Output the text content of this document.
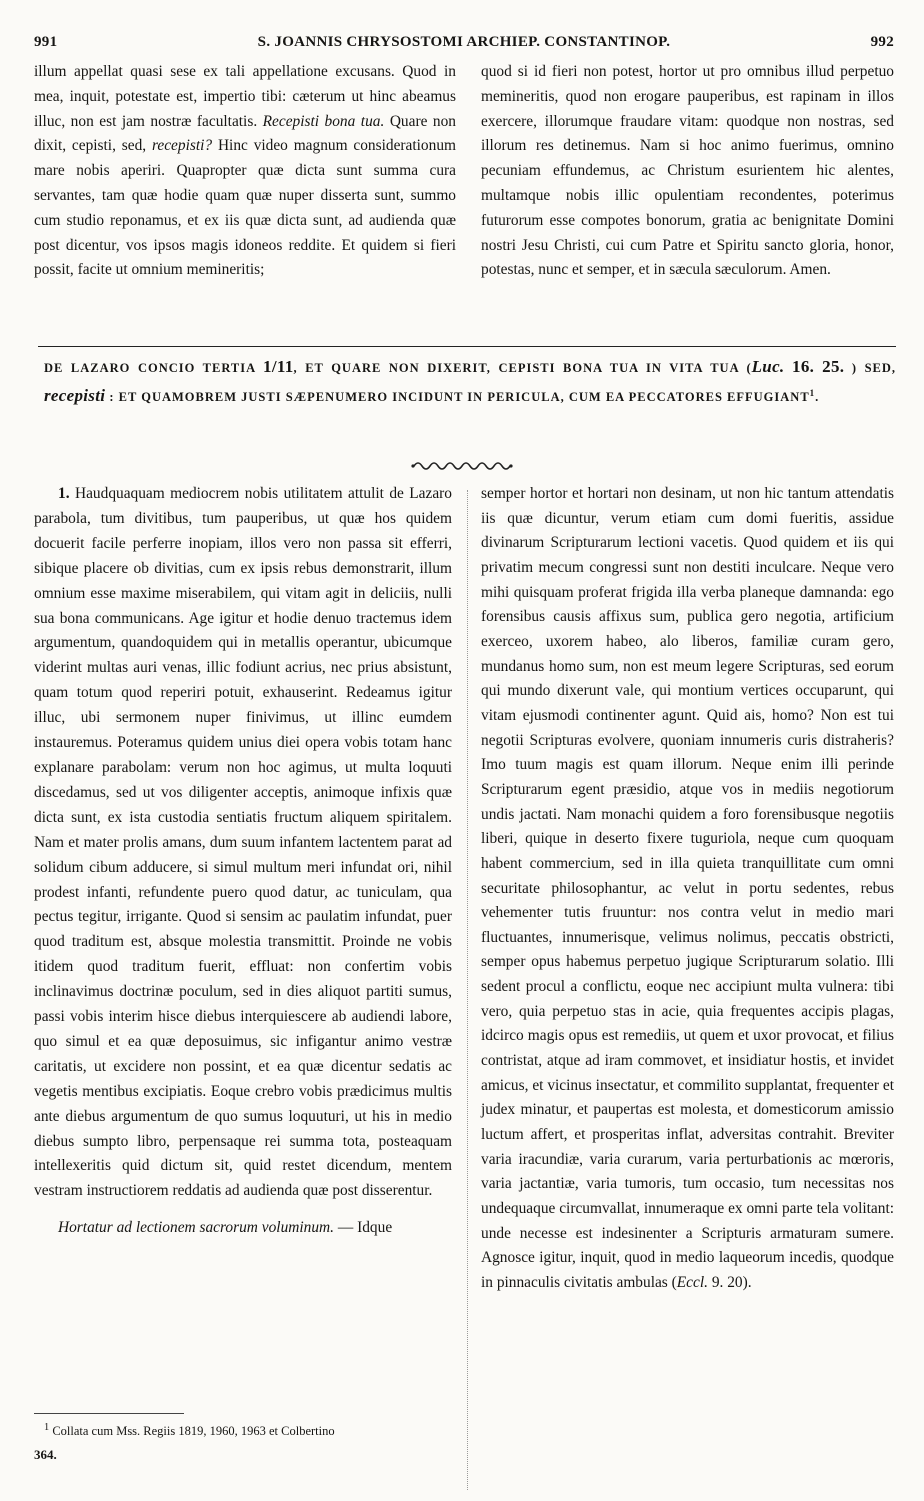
991	S. JOANNIS CHRYSOSTOMI ARCHIEP. CONSTANTINOP.	992

illum appellat quasi sese ex tali appellatione excusans. Quod in mea, inquit, potestate est, impertio tibi: cæterum ut hinc abeamus illuc, non est jam nostræ facultatis. Recepisti bona tua. Quare non dixit, cepisti, sed, recepisti? Hinc video magnum considerationum mare nobis aperiri. Quapropter quæ dicta sunt summa cura servantes, tam quæ hodie quam quæ nuper disserta sunt, summo cum studio reponamus, et ex iis quæ dicta sunt, ad audienda quæ post dicentur, vos ipsos magis idoneos reddite. Et quidem si fieri possit, facite ut omnium memineritis;

quod si id fieri non potest, hortor ut pro omnibus illud perpetuo memineritis, quod non erogare pauperibus, est rapinam in illos exercere, illorumque fraudare vitam: quodque non nostras, sed illorum res detinemus. Nam si hoc animo fuerimus, omnino pecuniam effundemus, ac Christum esurientem hic alentes, multamque nobis illic opulentiam recondentes, poterimus futurorum esse compotes bonorum, gratia ac benignitate Domini nostri Jesu Christi, cui cum Patre et Spiritu sancto gloria, honor, potestas, nunc et semper, et in sæcula sæculorum. Amen.

DE LAZARO CONCIO TERTIA 1/11, ET QUARE NON DIXERIT, CEPISTI BONA TUA IN VITA TUA (Luc. 16. 25. ) SED, recepisti : ET QUAMOBREM JUSTI SÆPENUMERO INCIDUNT IN PERICULA, CUM EA PECCATORES EFFUGIANT$^1$.

1. Haudquaquam mediocrem nobis utilitatem attulit de Lazaro parabola, tum divitibus, tum pauperibus, ut quæ hos quidem docuerit facile perferre inopiam, illos vero non passa sit efferri, sibique placere ob divitias, cum ex ipsis rebus demonstrarit, illum omnium esse maxime miserabilem, qui vitam agit in deliciis, nulli sua bona communicans. Age igitur et hodie denuo tractemus idem argumentum, quandoquidem qui in metallis operantur, ubicumque viderint multas auri venas, illic fodiunt acrius, nec prius absistunt, quam totum quod reperiri potuit, exhauserint. Redeamus igitur illuc, ubi sermonem nuper finivimus, ut illinc eumdem instauremus. Poteramus quidem unius diei opera vobis totam hanc explanare parabolam: verum non hoc agimus, ut multa loquuti discedamus, sed ut vos diligenter acceptis, animoque infixis quæ dicta sunt, ex ista custodia sentiatis fructum aliquem spiritalem. Nam et mater prolis amans, dum suum infantem lactentem parat ad solidum cibum adducere, si simul multum meri infundat ori, nihil prodest infanti, refundente puero quod datur, ac tuniculam, qua pectus tegitur, irrigante. Quod si sensim ac paulatim infundat, puer quod traditum est, absque molestia transmittit. Proinde ne vobis itidem quod traditum fuerit, effluat: non confertim vobis inclinavimus doctrinæ poculum, sed in dies aliquot partiti sumus, passi vobis interim hisce diebus interquiescere ab audiendi labore, quo simul et ea quæ deposuimus, sic infigantur animo vestræ caritatis, ut excidere non possint, et ea quæ dicentur sedatis ac vegetis mentibus excipiatis. Eoque crebro vobis prædicimus multis ante diebus argumentum de quo sumus loquuturi, ut his in medio diebus sumpto libro, perpensaque rei summa tota, posteaquam intellexeritis quid dictum sit, quid restet dicendum, mentem vestram instructiorem reddatis ad audienda quæ post disserentur.

Hortatur ad lectionem sacrorum voluminum. — Idque

semper hortor et hortari non desinam, ut non hic tantum attendatis iis quæ dicuntur, verum etiam cum domi fueritis, assidue divinarum Scripturarum lectioni vacetis. Quod quidem et iis qui privatim mecum congressi sunt non destiti inculcare. Neque vero mihi quisquam proferat frigida illa verba planeque damnanda: ego forensibus causis affixus sum, publica gero negotia, artificium exerceo, uxorem habeo, alo liberos, familiæ curam gero, mundanus homo sum, non est meum legere Scripturas, sed eorum qui mundo dixerunt vale, qui montium vertices occuparunt, qui vitam ejusmodi continenter agunt. Quid ais, homo? Non est tui negotii Scripturas evolvere, quoniam innumeris curis distraheris? Imo tuum magis est quam illorum. Neque enim illi perinde Scripturarum egent præsidio, atque vos in mediis negotiorum undis jactati. Nam monachi quidem a foro forensibusque negotiis liberi, quique in deserto fixere tuguriola, neque cum quoquam habent commercium, sed in illa quieta tranquillitate cum omni securitate philosophantur, ac velut in portu sedentes, rebus vehementer tutis fruuntur: nos contra velut in medio mari fluctuantes, innumerisque, velimus nolimus, peccatis obstricti, semper opus habemus perpetuo jugique Scripturarum solatio. Illi sedent procul a conflictu, eoque nec accipiunt multa vulnera: tibi vero, quia perpetuo stas in acie, quia frequentes accipis plagas, idcirco magis opus est remediis, ut quem et uxor provocat, et filius contristat, atque ad iram commovet, et insidiatur hostis, et invidet amicus, et vicinus insectatur, et commilito supplantat, frequenter et judex minatur, et paupertas est molesta, et domesticorum amissio luctum affert, et prosperitas inflat, adversitas contrahit. Breviter varia iracundiæ, varia curarum, varia perturbationis ac mœroris, varia jactantiæ, varia tumoris, tum occasio, tum necessitas nos undequaque circumvallat, innumeraque ex omni parte tela volitant: unde necesse est indesinenter a Scripturis armaturam sumere. Agnosce igitur, inquit, quod in medio laqueorum incedis, quodque in pinnaculis civitatis ambulas (Eccl. 9. 20).

$^1$ Collata cum Mss. Regiis 1819, 1960, 1963 et Colbertino
364.
